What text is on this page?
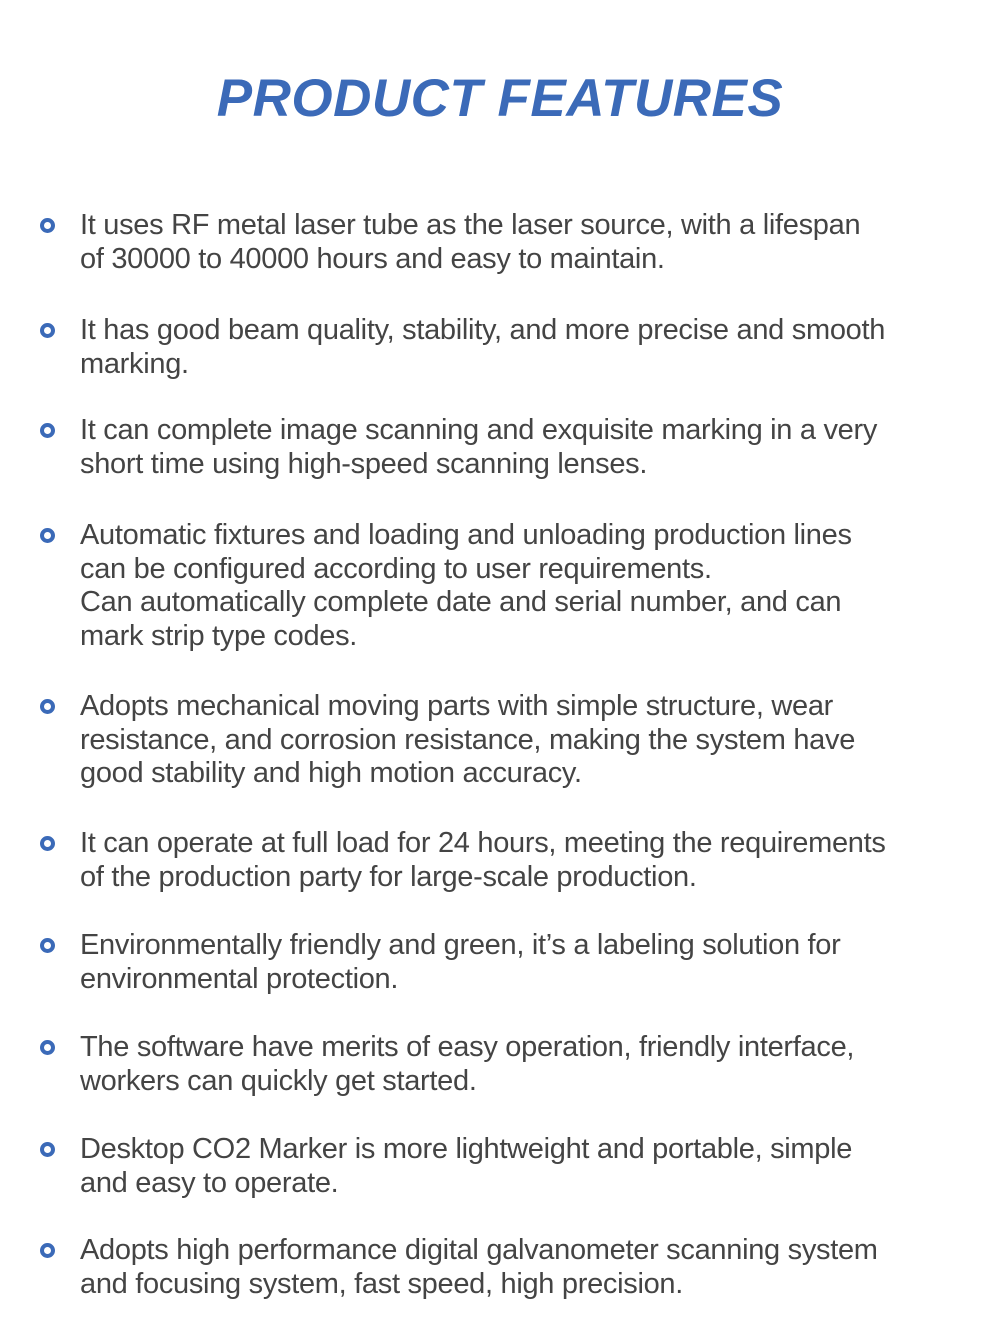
PRODUCT FEATURES
It uses RF metal laser tube as the laser source, with a lifespan
of 30000 to 40000 hours and easy to maintain.
It has good beam quality, stability, and more precise and smooth
marking.
It can complete image scanning and exquisite marking in a very
short time using high-speed scanning lenses.
Automatic fixtures and loading and unloading production lines
can be configured according to user requirements.
Can automatically complete date and serial number, and can
mark strip type codes.
Adopts mechanical moving parts with simple structure, wear
resistance, and corrosion resistance, making the system have
good stability and high motion accuracy.
It can operate at full load for 24 hours, meeting the requirements
of the production party for large-scale production.
Environmentally friendly and green, it’s a labeling solution for
environmental protection.
The software have merits of easy operation, friendly interface,
workers can quickly get started.
Desktop CO2 Marker is more lightweight and portable, simple
and easy to operate.
Adopts high performance digital galvanometer scanning system
and focusing system, fast speed, high precision.
